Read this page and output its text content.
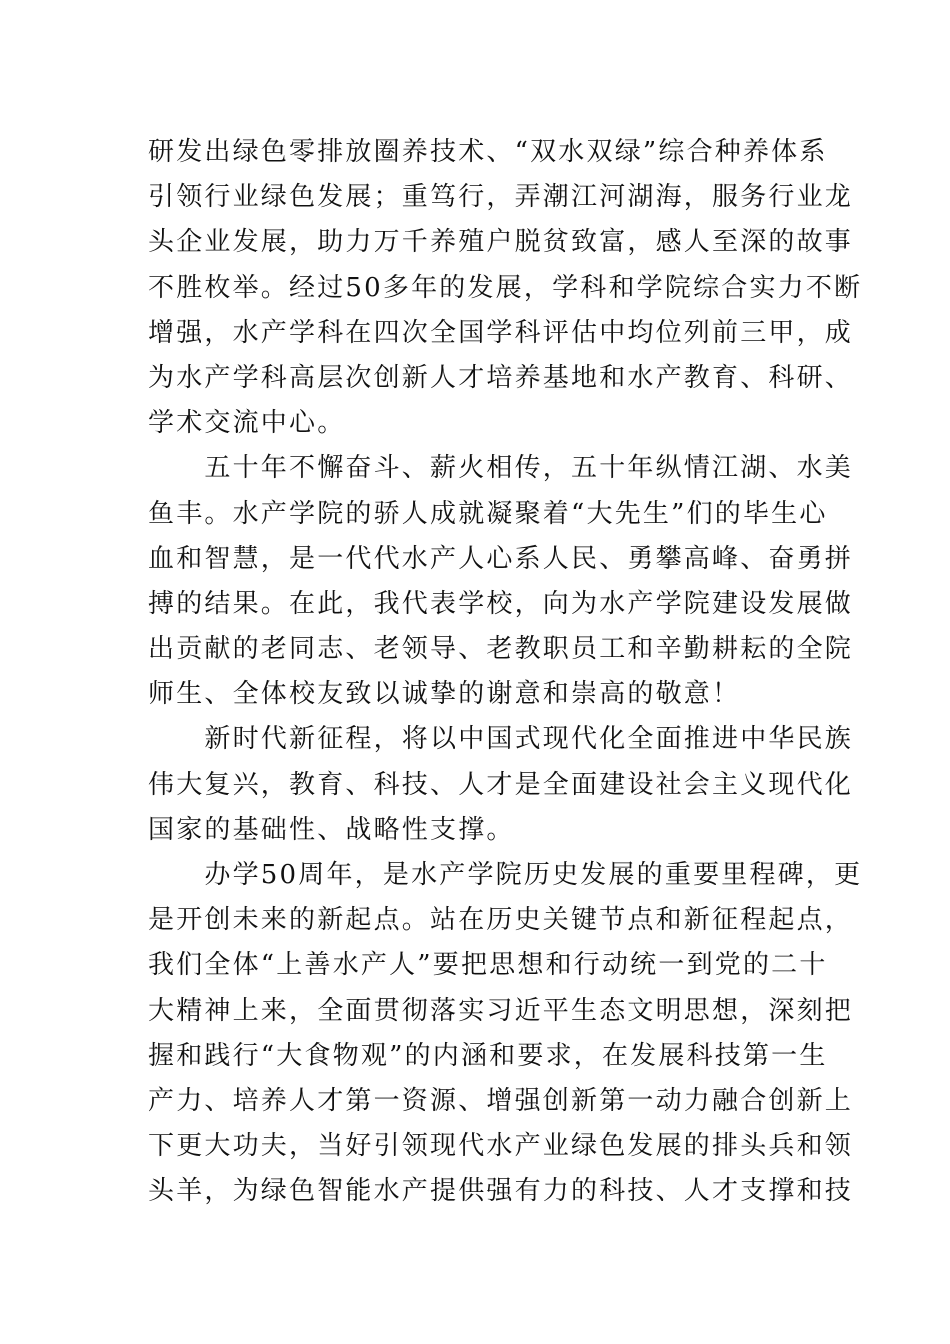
研发出绿色零排放圈养技术、“双水双绿”综合种养体系
引领行业绿色发展；重笃行，弄潮江河湖海，服务行业龙
头企业发展，助力万千养殖户脱贫致富，感人至深的故事
不胜枚举。经过50多年的发展，学科和学院综合实力不断
增强，水产学科在四次全国学科评估中均位列前三甲，成
为水产学科高层次创新人才培养基地和水产教育、科研、
学术交流中心。
　　五十年不懈奋斗、薪火相传，五十年纵情江湖、水美
鱼丰。水产学院的骄人成就凝聚着“大先生”们的毕生心
血和智慧，是一代代水产人心系人民、勇攀高峰、奋勇拼
搏的结果。在此，我代表学校，向为水产学院建设发展做
出贡献的老同志、老领导、老教职员工和辛勤耕耘的全院
师生、全体校友致以诚挚的谢意和崇高的敬意！
　　新时代新征程，将以中国式现代化全面推进中华民族
伟大复兴，教育、科技、人才是全面建设社会主义现代化
国家的基础性、战略性支撑。
　　办学50周年，是水产学院历史发展的重要里程碑，更
是开创未来的新起点。站在历史关键节点和新征程起点，
我们全体“上善水产人”要把思想和行动统一到党的二十
大精神上来，全面贯彻落实习近平生态文明思想，深刻把
握和践行“大食物观”的内涵和要求，在发展科技第一生
产力、培养人才第一资源、增强创新第一动力融合创新上
下更大功夫，当好引领现代水产业绿色发展的排头兵和领
头羊，为绿色智能水产提供强有力的科技、人才支撑和技
